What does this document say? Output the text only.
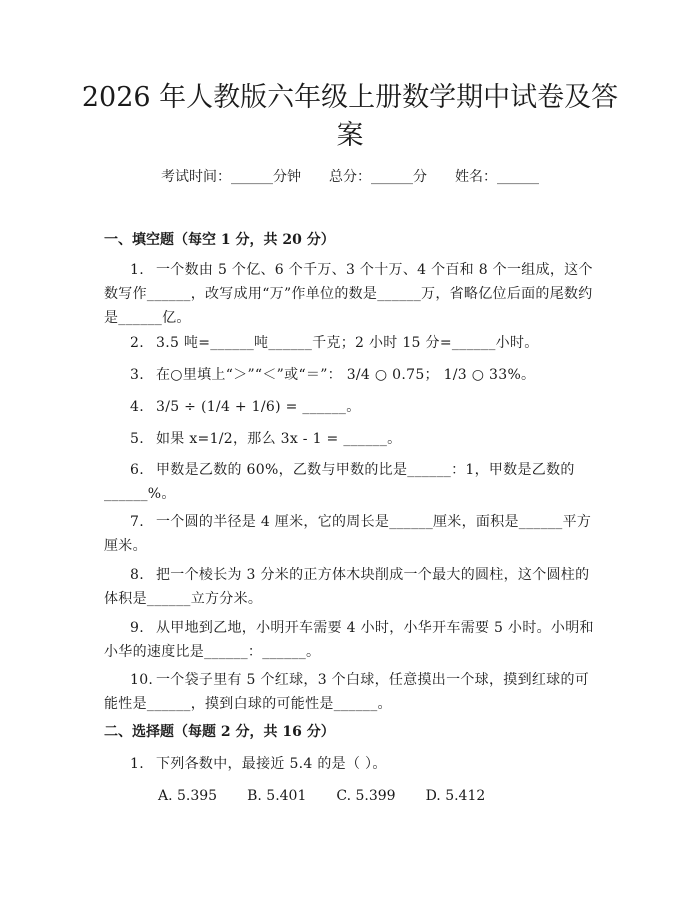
2026 年人教版六年级上册数学期中试卷及答
案
考试时间：______分钟 总分：______分 姓名：______
一、填空题（每空 1 分，共 20 分）

1. 一个数由 5 个亿、6 个千万、3 个十万、4 个百和 8 个一组成，这个数写作______，改写成用“万”作单位的数是______万，省略亿位后面的尾数约是______亿。

2. 3.5 吨=______吨______千克；2 小时 15 分=______小时。

3. 在○里填上“＞”“＜”或“＝”： 3/4 ○ 0.75； 1/3 ○ 33%。

4. 3/5 ÷ (1/4 + 1/6) = ______。

5. 如果 x=1/2，那么 3x - 1 = ______。

6. 甲数是乙数的 60%，乙数与甲数的比是______：1，甲数是乙数的______%。

7. 一个圆的半径是 4 厘米，它的周长是______厘米，面积是______平方厘米。

8. 把一个棱长为 3 分米的正方体木块削成一个最大的圆柱，这个圆柱的体积是______立方分米。

9. 从甲地到乙地，小明开车需要 4 小时，小华开车需要 5 小时。小明和小华的速度比是______：______。

10. 一个袋子里有 5 个红球，3 个白球，任意摸出一个球，摸到红球的可能性是______，摸到白球的可能性是______。

二、选择题（每题 2 分，共 16 分）

1. 下列各数中，最接近 5.4 的是（ ）。

A. 5.395 B. 5.401 C. 5.399 D. 5.412
